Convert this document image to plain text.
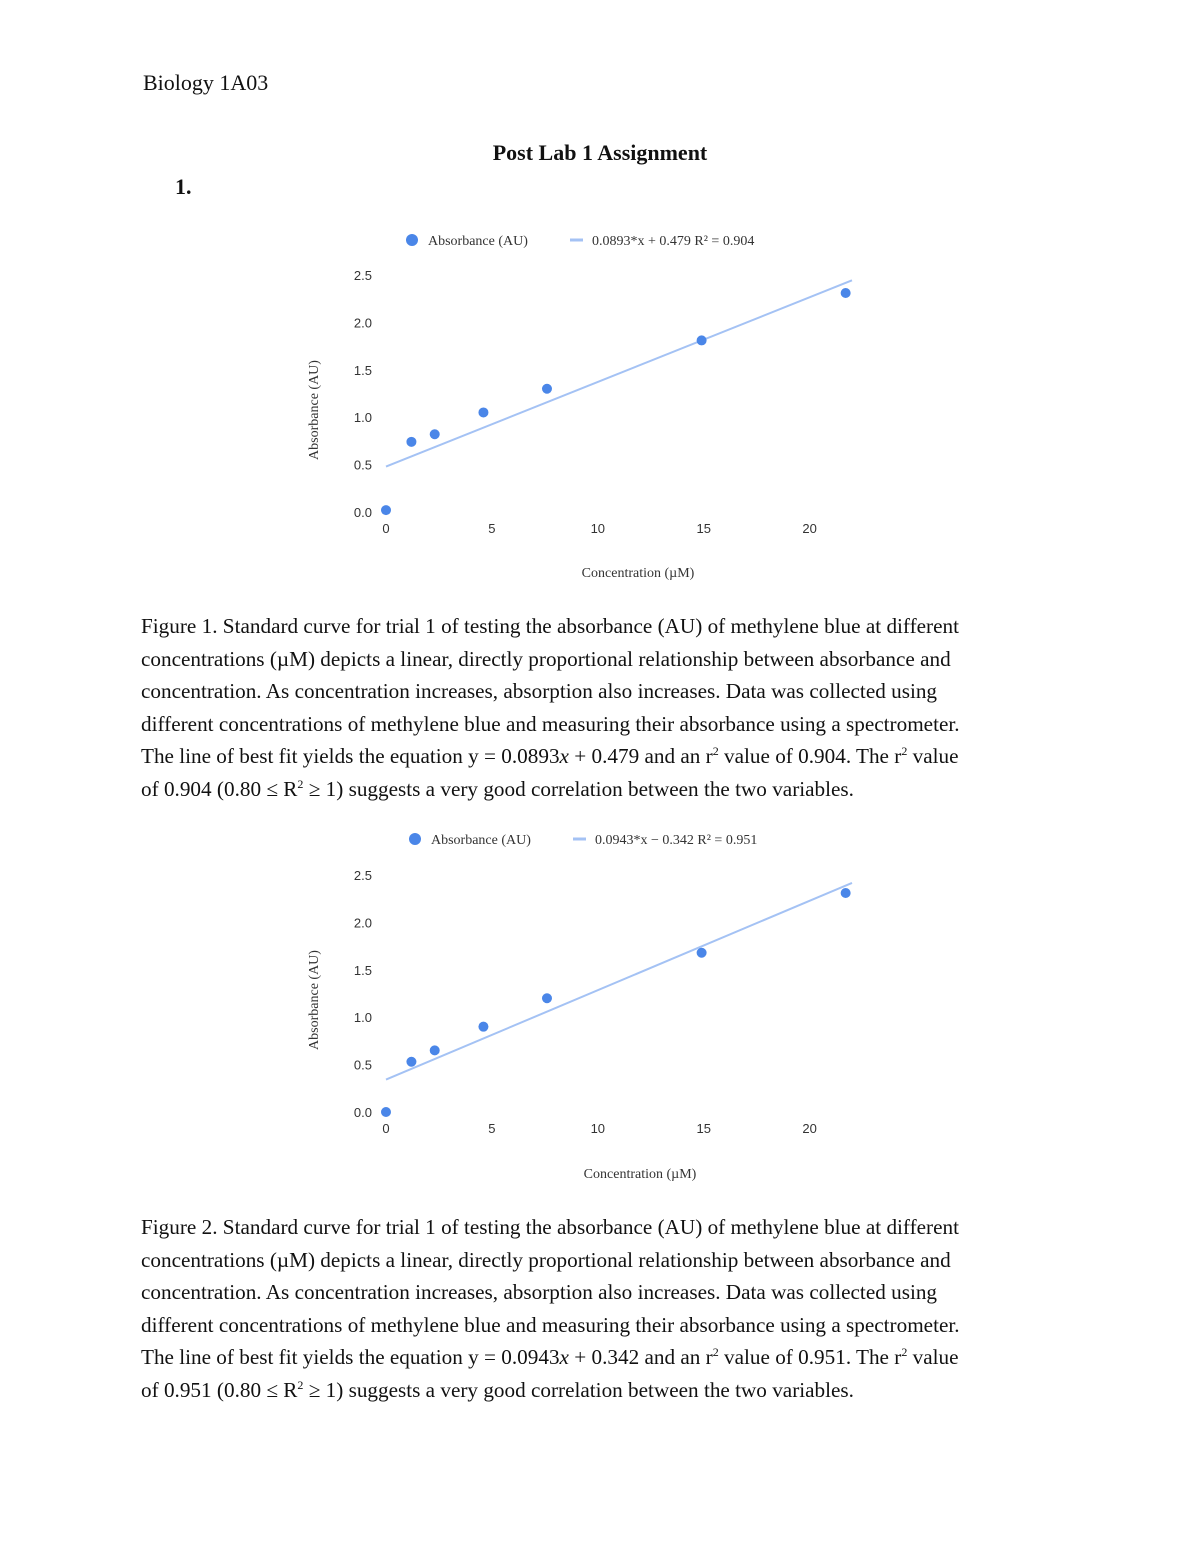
Biology 1A03
Post Lab 1 Assignment
1.
Absorbance (AU)	0.0893*x + 0.479 R² = 0.904
Absorbance (AU)
Concentration (µM)
0.0
0.5
1.0
1.5
2.0
2.5
0	5	10	15	20

Figure 1. Standard curve for trial 1 of testing the absorbance (AU) of methylene blue at different
concentrations (µM) depicts a linear, directly proportional relationship between absorbance and
concentration. As concentration increases, absorption also increases. Data was collected using
different concentrations of methylene blue and measuring their absorbance using a spectrometer.
The line of best fit yields the equation y = 0.0893x + 0.479 and an $r^2$ value of 0.904. The $r^2$ value
of 0.904 $(0.80 \le R^2 \ge 1)$ suggests a very good correlation between the two variables.

Absorbance (AU)	0.0943*x − 0.342 R² = 0.951
Absorbance (AU)
Concentration (µM)
0.0
0.5
1.0
1.5
2.0
2.5
0	5	10	15	20

Figure 2. Standard curve for trial 1 of testing the absorbance (AU) of methylene blue at different
concentrations (µM) depicts a linear, directly proportional relationship between absorbance and
concentration. As concentration increases, absorption also increases. Data was collected using
different concentrations of methylene blue and measuring their absorbance using a spectrometer.
The line of best fit yields the equation y = 0.0943x + 0.342 and an $r^2$ value of 0.951. The $r^2$ value
of 0.951 $(0.80 \le R^2 \ge 1)$ suggests a very good correlation between the two variables.
